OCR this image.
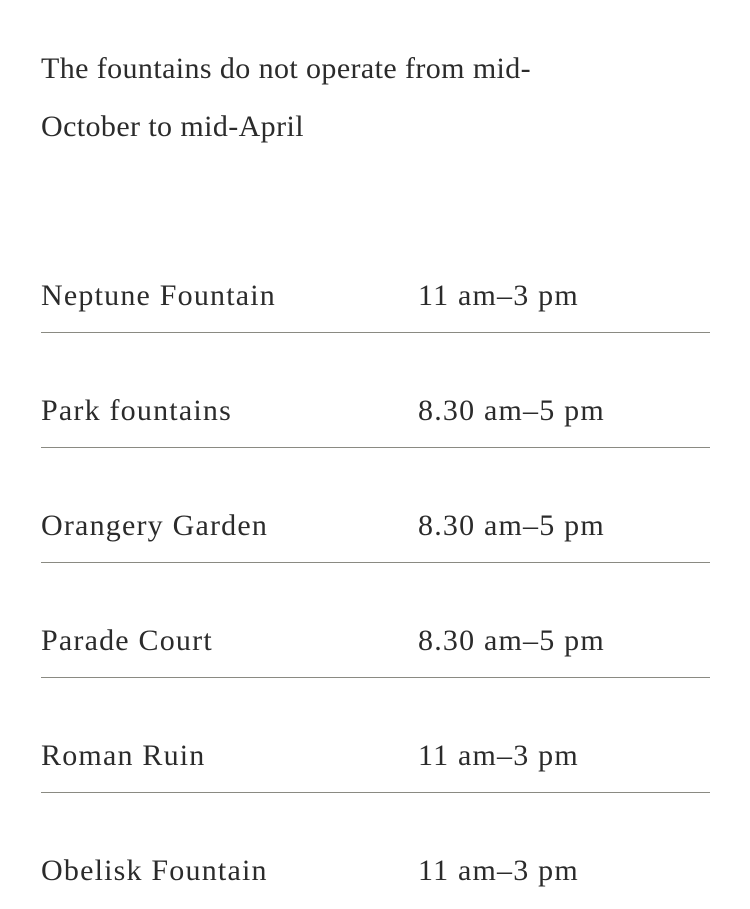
The fountains do not operate from mid-
October to mid-April

Neptune Fountain	11 am–3 pm
Park fountains	8.30 am–5 pm
Orangery Garden	8.30 am–5 pm
Parade Court	8.30 am–5 pm
Roman Ruin	11 am–3 pm
Obelisk Fountain	11 am–3 pm
